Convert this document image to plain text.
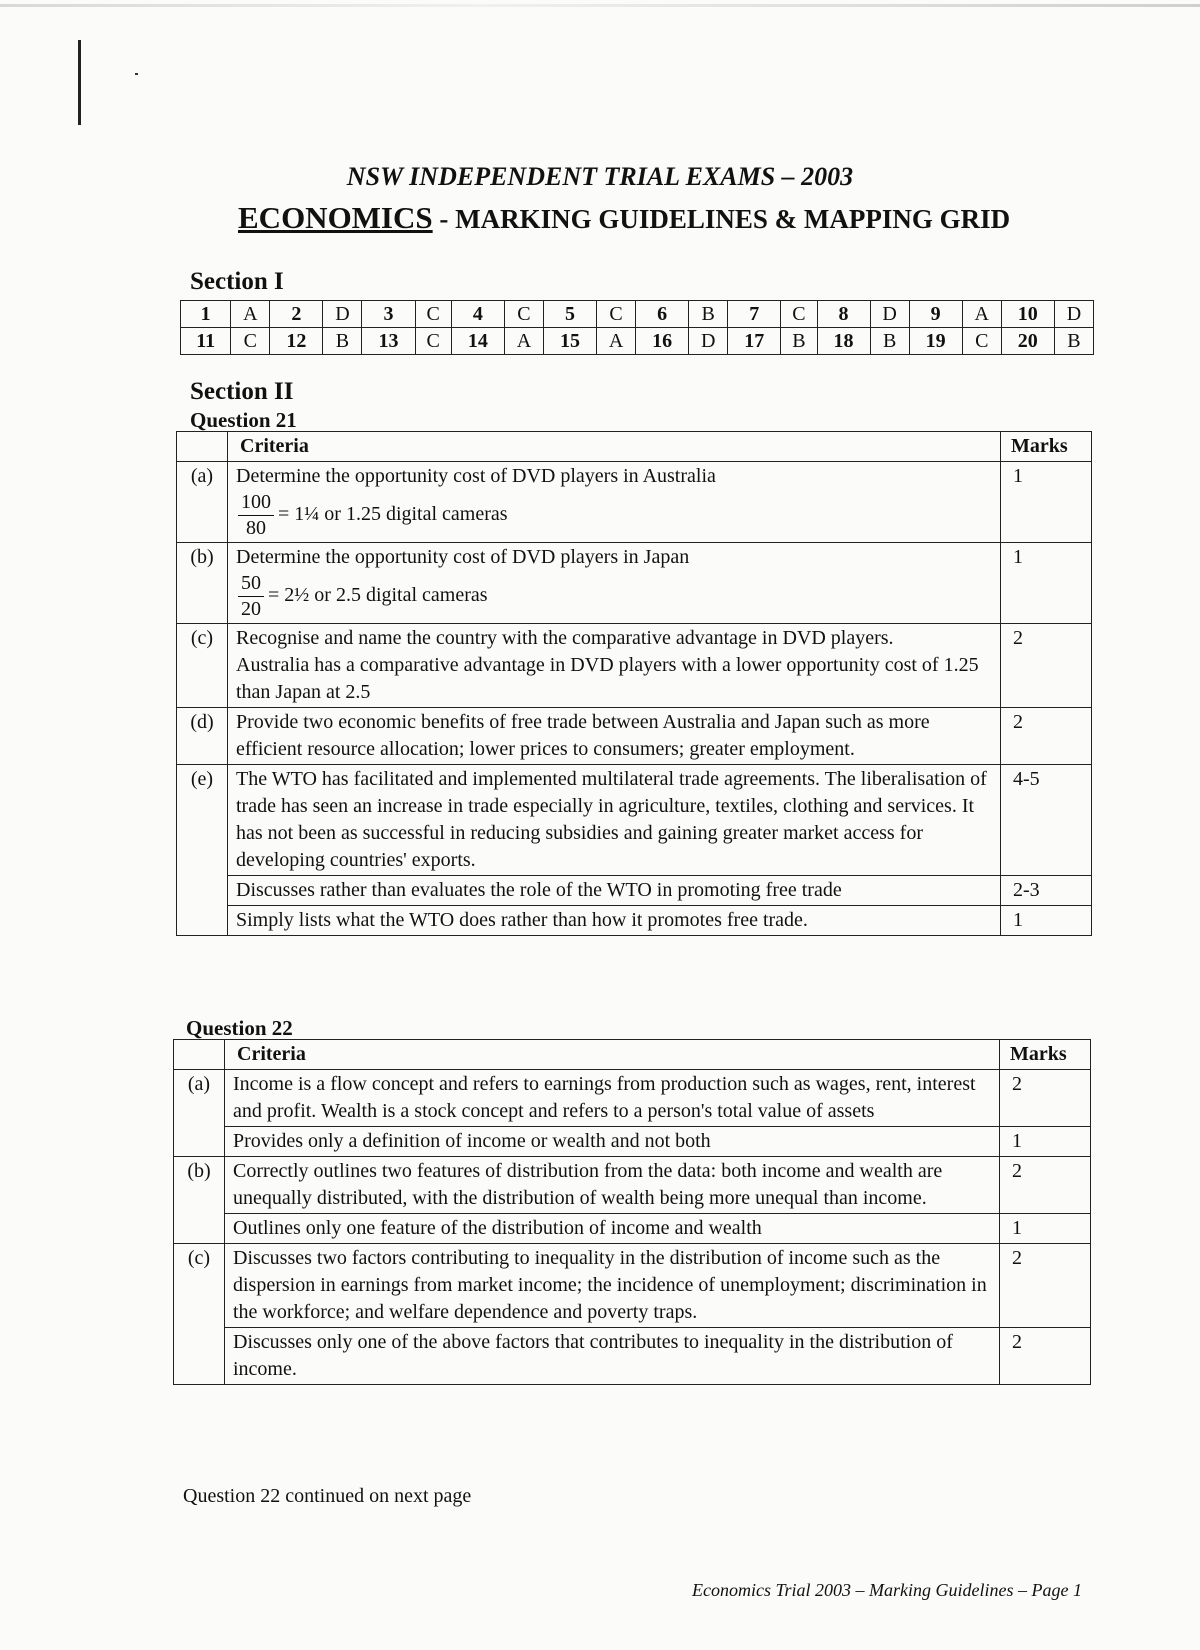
NSW INDEPENDENT TRIAL EXAMS – 2003
ECONOMICS - MARKING GUIDELINES & MAPPING GRID
Section I
1	A	2	D	3	C	4	C	5	C	6	B	7	C	8	D	9	A	10	D
11	C	12	B	13	C	14	A	15	A	16	D	17	B	18	B	19	C	20	B
Section II
Question 21
	Criteria	Marks
(a)	Determine the opportunity cost of DVD players in Australia
$\frac{100}{80}$ = 1¼ or 1.25 digital cameras	1
(b)	Determine the opportunity cost of DVD players in Japan
$\frac{50}{20}$ = 2½ or 2.5 digital cameras	1
(c)	Recognise and name the country with the comparative advantage in DVD players.
Australia has a comparative advantage in DVD players with a lower opportunity cost of 1.25 than Japan at 2.5	2
(d)	Provide two economic benefits of free trade between Australia and Japan such as more efficient resource allocation; lower prices to consumers; greater employment.	2
(e)	The WTO has facilitated and implemented multilateral trade agreements. The liberalisation of trade has seen an increase in trade especially in agriculture, textiles, clothing and services. It has not been as successful in reducing subsidies and gaining greater market access for developing countries' exports.	4-5
	Discusses rather than evaluates the role of the WTO in promoting free trade	2-3
	Simply lists what the WTO does rather than how it promotes free trade.	1
Question 22
	Criteria	Marks
(a)	Income is a flow concept and refers to earnings from production such as wages, rent, interest and profit. Wealth is a stock concept and refers to a person's total value of assets	2
	Provides only a definition of income or wealth and not both	1
(b)	Correctly outlines two features of distribution from the data: both income and wealth are unequally distributed, with the distribution of wealth being more unequal than income.	2
	Outlines only one feature of the distribution of income and wealth	1
(c)	Discusses two factors contributing to inequality in the distribution of income such as the dispersion in earnings from market income; the incidence of unemployment; discrimination in the workforce; and welfare dependence and poverty traps.	2
	Discusses only one of the above factors that contributes to inequality in the distribution of income.	2
Question 22 continued on next page
Economics Trial 2003 – Marking Guidelines – Page 1
